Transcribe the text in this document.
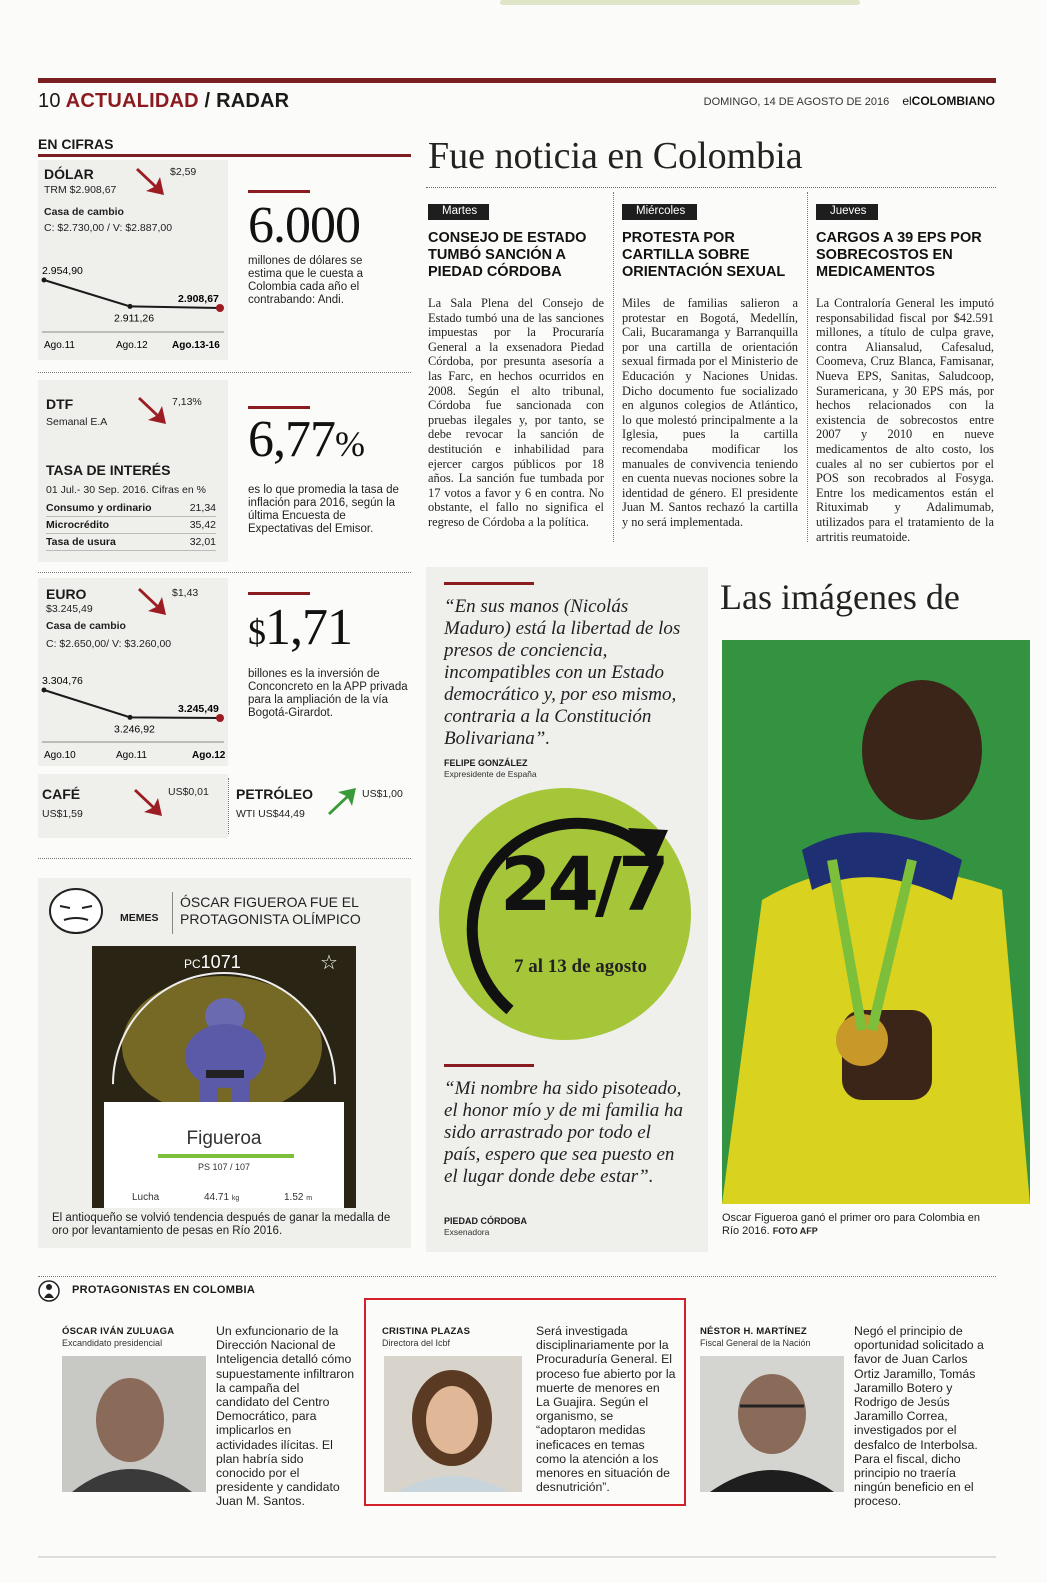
10 ACTUALIDAD / RADAR	DOMINGO, 14 DE AGOSTO DE 2016 elCOLOMBIANO
EN CIFRAS
DÓLAR
TRM $2.908,67
$2,59
Casa de cambio
C: $2.730,00 / V: $2.887,00
2.954,90
Ago.11
2.911,26
Ago.12
2.908,67
Ago.13-16
6.000
millones de dólares se estima que le cuesta a Colombia cada año el contrabando: Andi.
DTF
Semanal E.A
7,13%
TASA DE INTERÉS
01 Jul.- 30 Sep. 2016. Cifras en %
Consumo y ordinario	21,34
Microcrédito	35,42
Tasa de usura	32,01
6,77%
es lo que promedia la tasa de inflación para 2016, según la última Encuesta de Expectativas del Emisor.
EURO
$3.245,49
$1,43
Casa de cambio
C: $2.650,00/ V: $3.260,00
3.304,76
Ago.10
3.246,92
Ago.11
3.245,49
Ago.12
$1,71
billones es la inversión de Conconcreto en la APP privada para la ampliación de la vía Bogotá-Girardot.
CAFÉ
US$1,59
US$0,01 PETRÓLEO
WTI US$44,49
US$1,00
Fue noticia en Colombia
Martes
CONSEJO DE ESTADO TUMBÓ SANCIÓN A PIEDAD CÓRDOBA
La Sala Plena del Consejo de Estado tumbó una de las sanciones impuestas por la Procuraría General a la exsenadora Piedad Córdoba, por presunta asesoría a las Farc, en hechos ocurridos en 2008. Según el alto tribunal, Córdoba fue sancionada con pruebas ilegales y, por tanto, se debe revocar la sanción de destitución e inhabilidad para ejercer cargos públicos por 18 años. La sanción fue tumbada por 17 votos a favor y 6 en contra. No obstante, el fallo no significa el regreso de Córdoba a la política.
Miércoles
PROTESTA POR CARTILLA SOBRE ORIENTACIÓN SEXUAL
Miles de familias salieron a protestar en Bogotá, Medellín, Cali, Bucaramanga y Barranquilla por una cartilla de orientación sexual firmada por el Ministerio de Educación y Naciones Unidas. Dicho documento fue socializado en algunos colegios de Atlántico, lo que molestó principalmente a la Iglesia, pues la cartilla recomendaba modificar los manuales de convivencia teniendo en cuenta nuevas nociones sobre la identidad de género. El presidente Juan M. Santos rechazó la cartilla y no será implementada.
Jueves
CARGOS A 39 EPS POR SOBRECOSTOS EN MEDICAMENTOS
La Contraloría General les imputó responsabilidad fiscal por $42.591 millones, a título de culpa grave, contra Aliansalud, Cafesalud, Coomeva, Cruz Blanca, Famisanar, Nueva EPS, Sanitas, Saludcoop, Suramericana, y 30 EPS más, por hechos relacionados con la existencia de sobrecostos entre 2007 y 2010 en nueve medicamentos de alto costo, los cuales al no ser cubiertos por el POS son recobrados al Fosyga. Entre los medicamentos están el Rituximab y Adalimumab, utilizados para el tratamiento de la artritis reumatoide.
“En sus manos (Nicolás Maduro) está la libertad de los presos de conciencia, incompatibles con un Estado democrático y, por eso mismo, contraria a la Constitución Bolivariana”.
FELIPE GONZÁLEZ
Expresidente de España
24/7
7 al 13 de agosto
“Mi nombre ha sido pisoteado, el honor mío y de mi familia ha sido arrastrado por todo el país, espero que sea puesto en el lugar donde debe estar”.
PIEDAD CÓRDOBA
Exsenadora
Las imágenes de
Oscar Figueroa ganó el primer oro para Colombia en Río 2016. FOTO AFP
MEMES
ÓSCAR FIGUEROA FUE EL PROTAGONISTA OLÍMPICO
PC1071	☆
Figueroa
PS 107 / 107
Lucha	44.71 kg	1.52 m
El antioqueño se volvió tendencia después de ganar la medalla de oro por levantamiento de pesas en Río 2016.
PROTAGONISTAS EN COLOMBIA
ÓSCAR IVÁN ZULUAGA
Excandidato presidencial
Un exfuncionario de la Dirección Nacional de Inteligencia detalló cómo supuestamente infiltraron la campaña del candidato del Centro Democrático, para implicarlos en actividades ilícitas. El plan habría sido conocido por el presidente y candidato Juan M. Santos.
CRISTINA PLAZAS
Directora del Icbf
Será investigada disciplinariamente por la Procuraduría General. El proceso fue abierto por la muerte de menores en La Guajira. Según el organismo, se “adoptaron medidas ineficaces en temas como la atención a los menores en situación de desnutrición”.
NÉSTOR H. MARTÍNEZ
Fiscal General de la Nación
Negó el principio de oportunidad solicitado a favor de Juan Carlos Ortiz Jaramillo, Tomás Jaramillo Botero y Rodrigo de Jesús Jaramillo Correa, investigados por el desfalco de Interbolsa. Para el fiscal, dicho principio no traería ningún beneficio en el proceso.
